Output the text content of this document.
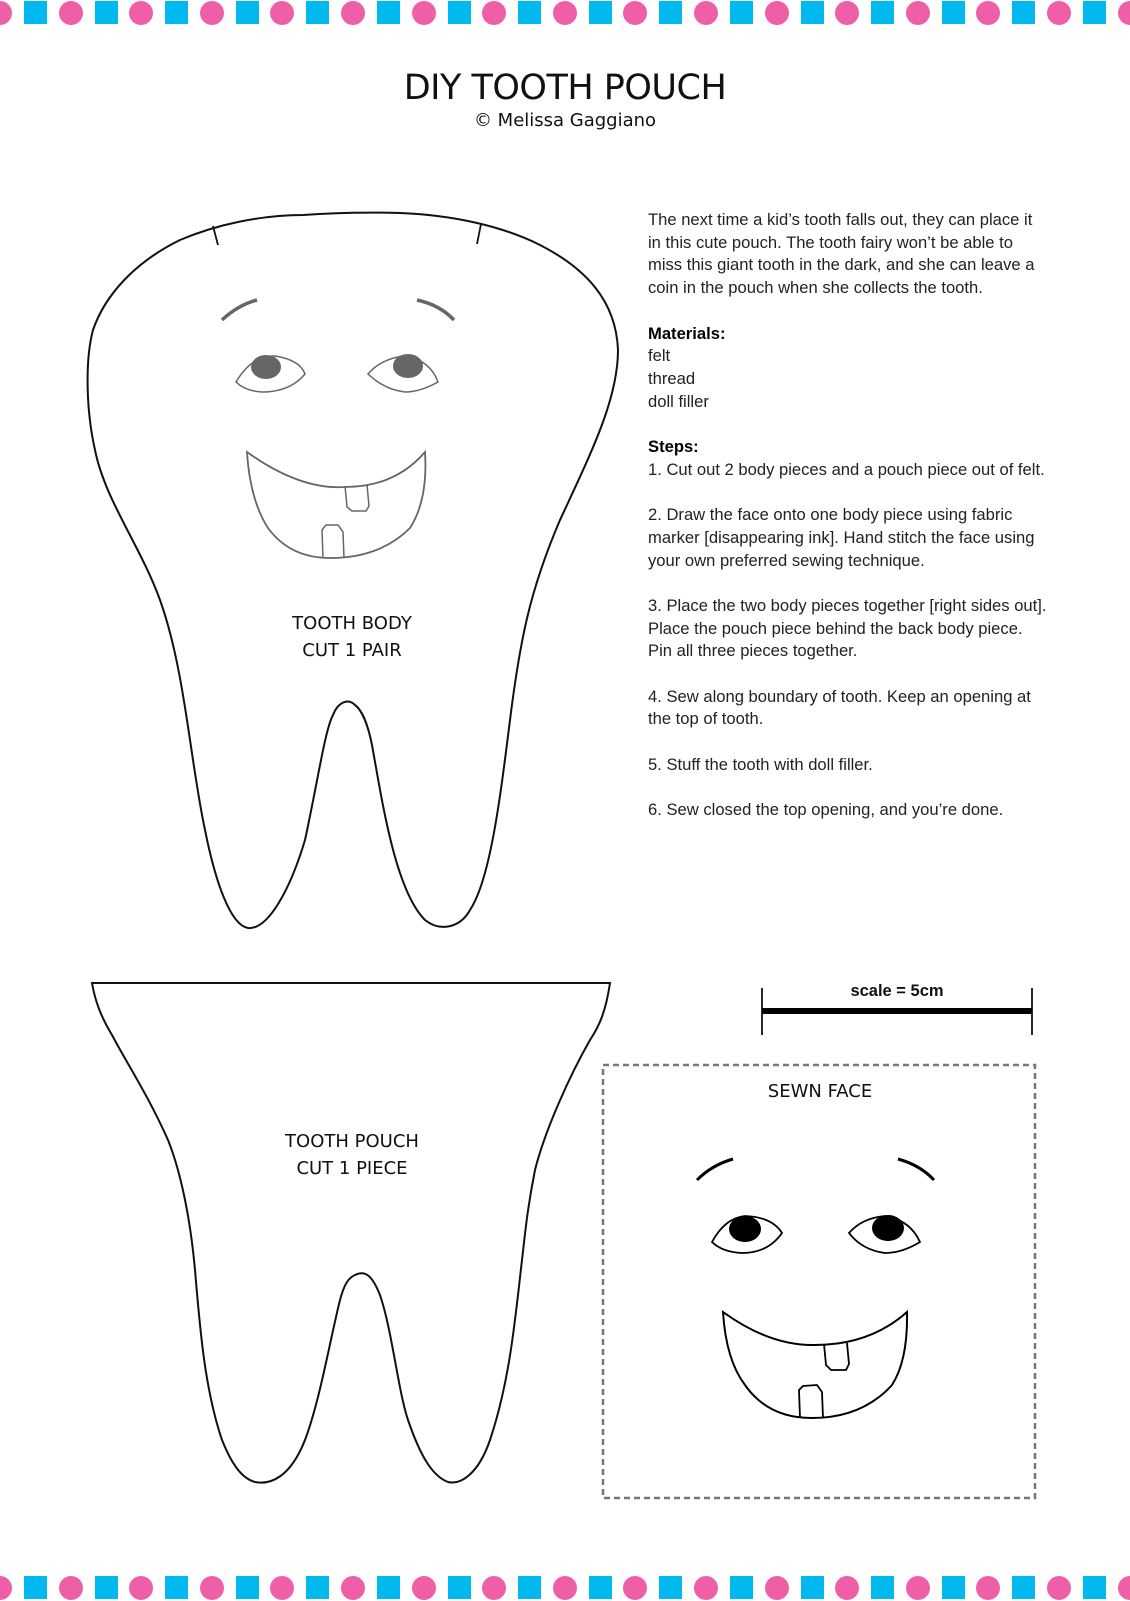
DIY TOOTH POUCH
© Melissa Gaggiano

The next time a kid’s tooth falls out, they can place it in this cute pouch. The tooth fairy won’t be able to miss this giant tooth in the dark, and she can leave a coin in the pouch when she collects the tooth.

Materials:
felt
thread
doll filler

Steps:

1. Cut out 2 body pieces and a pouch piece out of felt.

2. Draw the face onto one body piece using fabric marker [disappearing ink]. Hand stitch the face using your own preferred sewing technique.

3. Place the two body pieces together [right sides out]. Place the pouch piece behind the back body piece. Pin all three pieces together.

4. Sew along boundary of tooth. Keep an opening at the top of tooth.

5. Stuff the tooth with doll filler.

6. Sew closed the top opening, and you’re done.

TOOTH BODY
CUT 1 PAIR
TOOTH POUCH
CUT 1 PIECE
SEWN FACE
scale = 5cm
